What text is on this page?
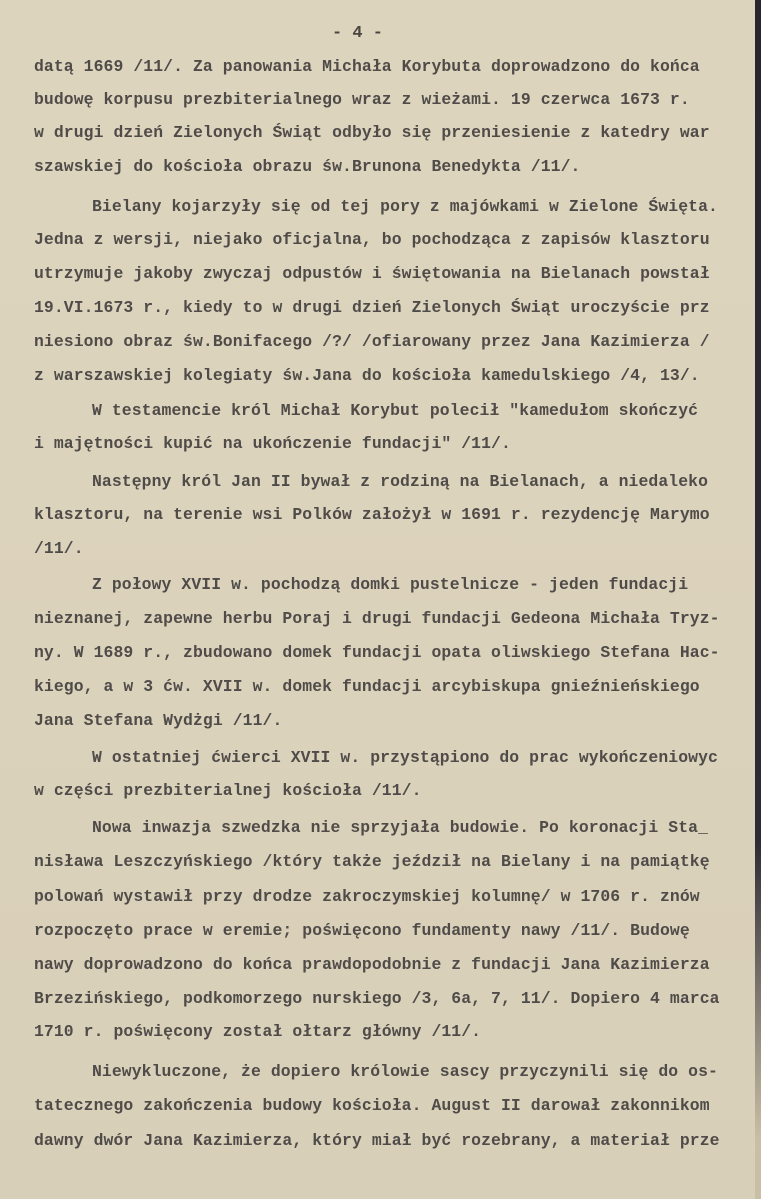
- 4 -
datą 1669 /11/. Za panowania Michała Korybuta doprowadzono do końca
budowę korpusu prezbiterialnego wraz z wieżami. 19 czerwca 1673 r.
w drugi dzień Zielonych Świąt odbyło się przeniesienie z katedry war
szawskiej do kościoła obrazu św.Brunona Benedykta /11/.
Bielany kojarzyły się od tej pory z majówkami w Zielone Święta.
Jedna z wersji, niejako oficjalna, bo pochodząca z zapisów klasztoru
utrzymuje jakoby zwyczaj odpustów i świętowania na Bielanach powstał
19.VI.1673 r., kiedy to w drugi dzień Zielonych Świąt uroczyście prz
niesiono obraz św.Bonifacego /?/ /ofiarowany przez Jana Kazimierza /
z warszawskiej kolegiaty św.Jana do kościoła kamedulskiego /4, 13/.
W testamencie król Michał Korybut polecił "kamedułom skończyć
i majętności kupić na ukończenie fundacji" /11/.
Następny król Jan II bywał z rodziną na Bielanach, a niedaleko
klasztoru, na terenie wsi Polków założył w 1691 r. rezydencję Marymo
/11/.
Z połowy XVII w. pochodzą domki pustelnicze - jeden fundacji
nieznanej, zapewne herbu Poraj i drugi fundacji Gedeona Michała Tryz-
ny. W 1689 r., zbudowano domek fundacji opata oliwskiego Stefana Hac-
kiego, a w 3 ćw. XVII w. domek fundacji arcybiskupa gnieźnieńskiego
Jana Stefana Wydżgi /11/.
W ostatniej ćwierci XVII w. przystąpiono do prac wykończeniowyc
w części prezbiterialnej kościoła /11/.
Nowa inwazja szwedzka nie sprzyjała budowie. Po koronacji Sta_
nisława Leszczyńskiego /który także jeździł na Bielany i na pamiątkę
polowań wystawił przy drodze zakroczymskiej kolumnę/ w 1706 r. znów
rozpoczęto prace w eremie; poświęcono fundamenty nawy /11/. Budowę
nawy doprowadzono do końca prawdopodobnie z fundacji Jana Kazimierza
Brzezińskiego, podkomorzego nurskiego /3, 6a, 7, 11/. Dopiero 4 marca
1710 r. poświęcony został ołtarz główny /11/.
Niewykluczone, że dopiero królowie sascy przyczynili się do os-
tatecznego zakończenia budowy kościoła. August II darował zakonnikom
dawny dwór Jana Kazimierza, który miał być rozebrany, a materiał prze
